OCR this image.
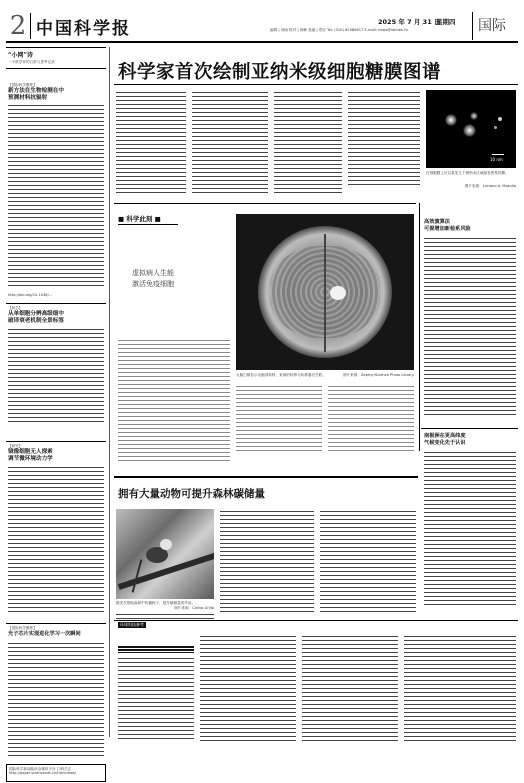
2 中国科学报	2025 年 7 月 31 日
星期四
编辑 | 刘雨 校对 | 何琳 美编 | 郑亦 Tel: (010) 62580617 E-mail: news@stimes.cn	国际
“小网”诗
一个科学家的日常与思考记录
【国际科学聚焦】
新方法在生物检测在中
预测材料抗辐射
http://doi.org/10.1038/...
【科学】
从单细胞分辨高级细中
破译衰老机制全景标签
【研究】
镜像细胞无人探索
调节微环境动力学
【国际科学聚焦】
光子芯片实现进化学习一次瞬间
国际科学新闻阅读全媒体平台 扫码关注 http://paper.sciencenet.cn/htmlnews/
科学家首次绘制亚纳米级细胞糖膜图谱
10 nm
在细胞膜上可以看见几个微纳米区域级有密集的糖。
图片来源：Luciano A. Masullo
■ 科学此刻 ■
虚拟病人生能
激活免疫细胞
大脑扫描显示出脑部转移，来源的转移与转移器官关联。	图片来源：Zephyr/Science Photo Library
高效演算法
可提增加新检系风险
南极洲在更高纬度
气候变化先于认识
拥有大量动物可提升森林碳储量
猴类在帮助森林中传播种子，提升碳储量的作用。
图片来源：Carlos Grillo
环球科技参考
